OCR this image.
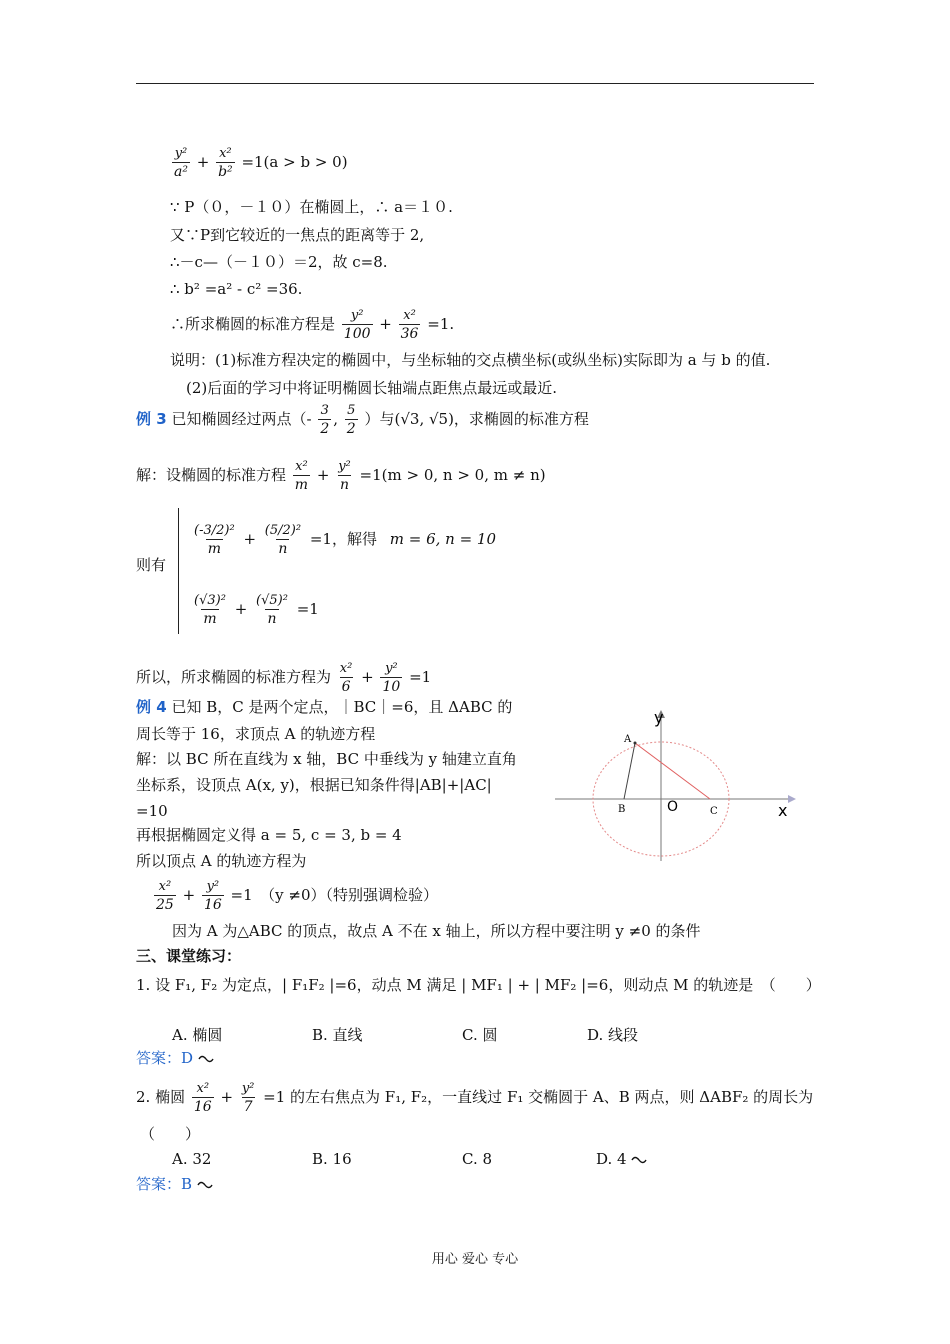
$\frac{\text{y²}}{\text{a²}} + \frac{\text{x²}}{\text{b²}} =1(a > b > 0)$
∵ P（０，－１０）在椭圆上，∴ a＝１０.
又∵P到它较近的一焦点的距离等于 2,
∴－c—（－１０）＝2，故 c=8.
∴ b² =a² - c² =36.
∴所求椭圆的标准方程是 $\frac{\text{y²}}{100} + \frac{\text{x²}}{36} =1$.
说明：(1)标准方程决定的椭圆中，与坐标轴的交点横坐标(或纵坐标)实际即为 a 与 b 的值.
(2)后面的学习中将证明椭圆长轴端点距焦点最远或最近.
例 3 已知椭圆经过两点（- $\frac{3}{2}$ , $\frac{5}{2}$ ）与(√3, √5)，求椭圆的标准方程
解：设椭圆的标准方程 $\frac{\text{x²}}{m} + \frac{\text{y²}}{n} =1(m > 0$, n > 0, m ≠ n)
则有
$\frac{\text{(-3/2)²}}{m} + \frac{\text{(5/2)²}}{n} =1$，解得 m = 6, n = 10
$\frac{\text{(√3)²}}{m} + \frac{\text{(√5)²}}{n} =1$
所以，所求椭圆的标准方程为 $\frac{\text{x²}}{6} + \frac{\text{y²}}{10} =1$
例 4 已知 B，C 是两个定点，｜BC｜=6，且 ΔABC 的
周长等于 16，求顶点 A 的轨迹方程
解：以 BC 所在直线为 x 轴，BC 中垂线为 y 轴建立直角
坐标系，设顶点 A(x, y)，根据已知条件得|AB|+|AC|
=10
再根据椭圆定义得 a = 5, c = 3, b = 4
所以顶点 A 的轨迹方程为
$\frac{\text{x²}}{25} + \frac{\text{y²}}{16} =1$　（y ≠0）（特别强调检验）
因为 A 为△ABC 的顶点，故点 A 不在 x 轴上，所以方程中要注明 y ≠0 的条件
y
x
O
A
B	C
三、课堂练习：
1. 设 F₁, F₂ 为定点，| F₁F₂ |=6，动点 M 满足 | MF₁ | + | MF₂ |=6，则动点 M 的轨迹是　（　　）
A. 椭圆	B. 直线	C. 圆	D. 线段
答案：D
2. 椭圆 $\frac{\text{x²}}{16} + \frac{\text{y²}}{7} =1$ 的左右焦点为 F₁, F₂，一直线过 F₁ 交椭圆于 A、B 两点，则 ΔABF₂ 的周长为
（　　）
A. 32	B. 16	C. 8	D. 4
答案：B
用心 爱心 专心
